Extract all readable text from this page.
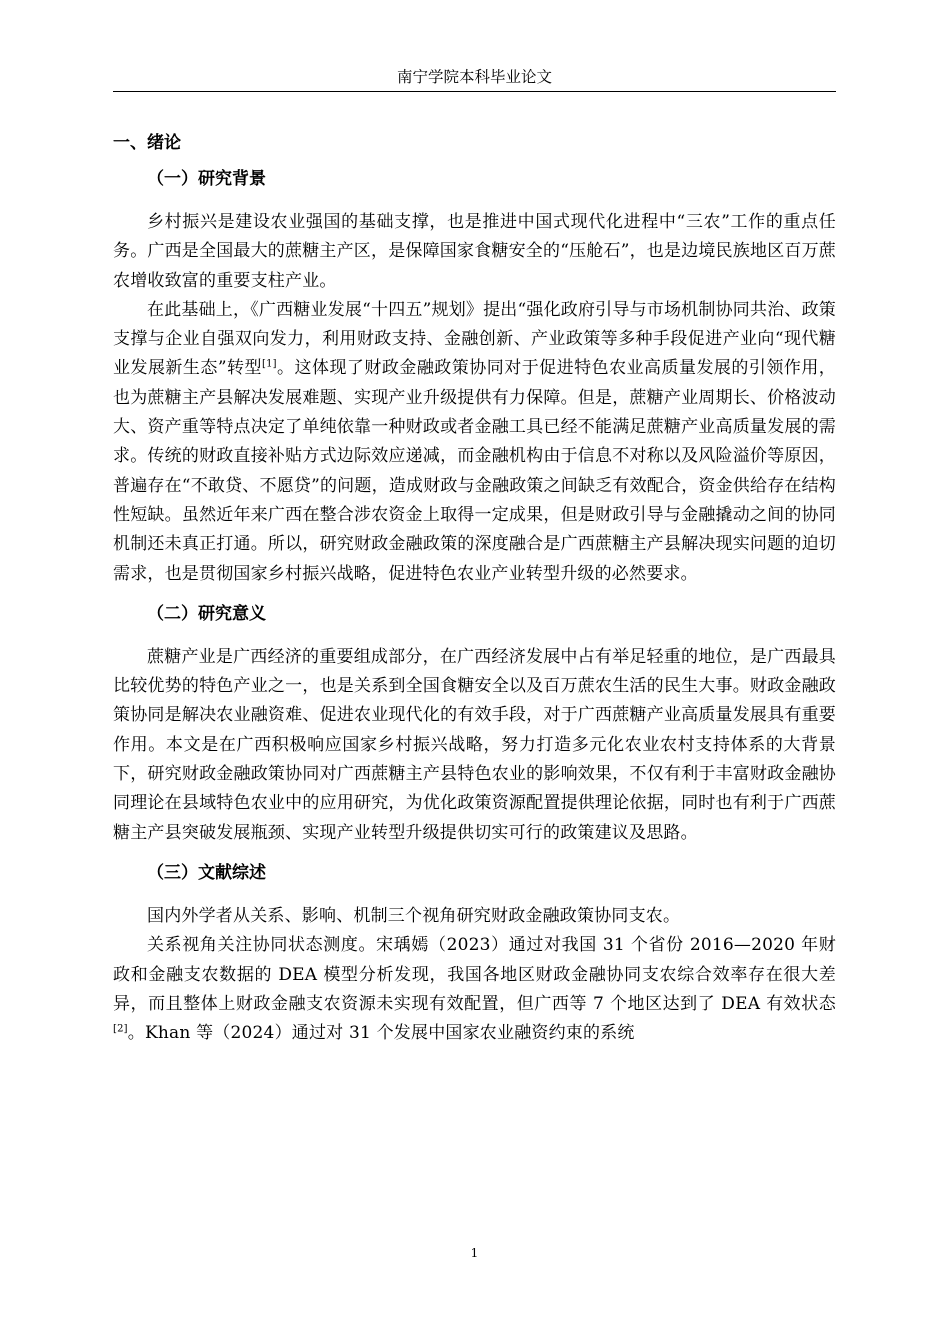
南宁学院本科毕业论文
一、绪论
（一）研究背景

乡村振兴是建设农业强国的基础支撑，也是推进中国式现代化进程中“三农”工作的重点任务。广西是全国最大的蔗糖主产区，是保障国家食糖安全的“压舱石”，也是边境民族地区百万蔗农增收致富的重要支柱产业。

在此基础上，《广西糖业发展“十四五”规划》提出“强化政府引导与市场机制协同共治、政策支撑与企业自强双向发力，利用财政支持、金融创新、产业政策等多种手段促进产业向“现代糖业发展新生态”转型[1]。这体现了财政金融政策协同对于促进特色农业高质量发展的引领作用，也为蔗糖主产县解决发展难题、实现产业升级提供有力保障。但是，蔗糖产业周期长、价格波动大、资产重等特点决定了单纯依靠一种财政或者金融工具已经不能满足蔗糖产业高质量发展的需求。传统的财政直接补贴方式边际效应递减，而金融机构由于信息不对称以及风险溢价等原因，普遍存在“不敢贷、不愿贷”的问题，造成财政与金融政策之间缺乏有效配合，资金供给存在结构性短缺。虽然近年来广西在整合涉农资金上取得一定成果，但是财政引导与金融撬动之间的协同机制还未真正打通。所以，研究财政金融政策的深度融合是广西蔗糖主产县解决现实问题的迫切需求，也是贯彻国家乡村振兴战略，促进特色农业产业转型升级的必然要求。

（二）研究意义

蔗糖产业是广西经济的重要组成部分，在广西经济发展中占有举足轻重的地位，是广西最具比较优势的特色产业之一，也是关系到全国食糖安全以及百万蔗农生活的民生大事。财政金融政策协同是解决农业融资难、促进农业现代化的有效手段，对于广西蔗糖产业高质量发展具有重要作用。本文是在广西积极响应国家乡村振兴战略，努力打造多元化农业农村支持体系的大背景下，研究财政金融政策协同对广西蔗糖主产县特色农业的影响效果，不仅有利于丰富财政金融协同理论在县域特色农业中的应用研究，为优化政策资源配置提供理论依据，同时也有利于广西蔗糖主产县突破发展瓶颈、实现产业转型升级提供切实可行的政策建议及思路。

（三）文献综述

国内外学者从关系、影响、机制三个视角研究财政金融政策协同支农。

关系视角关注协同状态测度。宋瑀嫣（2023）通过对我国 31 个省份 2016—2020 年财政和金融支农数据的 DEA 模型分析发现，我国各地区财政金融协同支农综合效率存在很大差异，而且整体上财政金融支农资源未实现有效配置，但广西等 7 个地区达到了 DEA 有效状态[2]。Khan 等（2024）通过对 31 个发展中国家农业融资约束的系统

1
